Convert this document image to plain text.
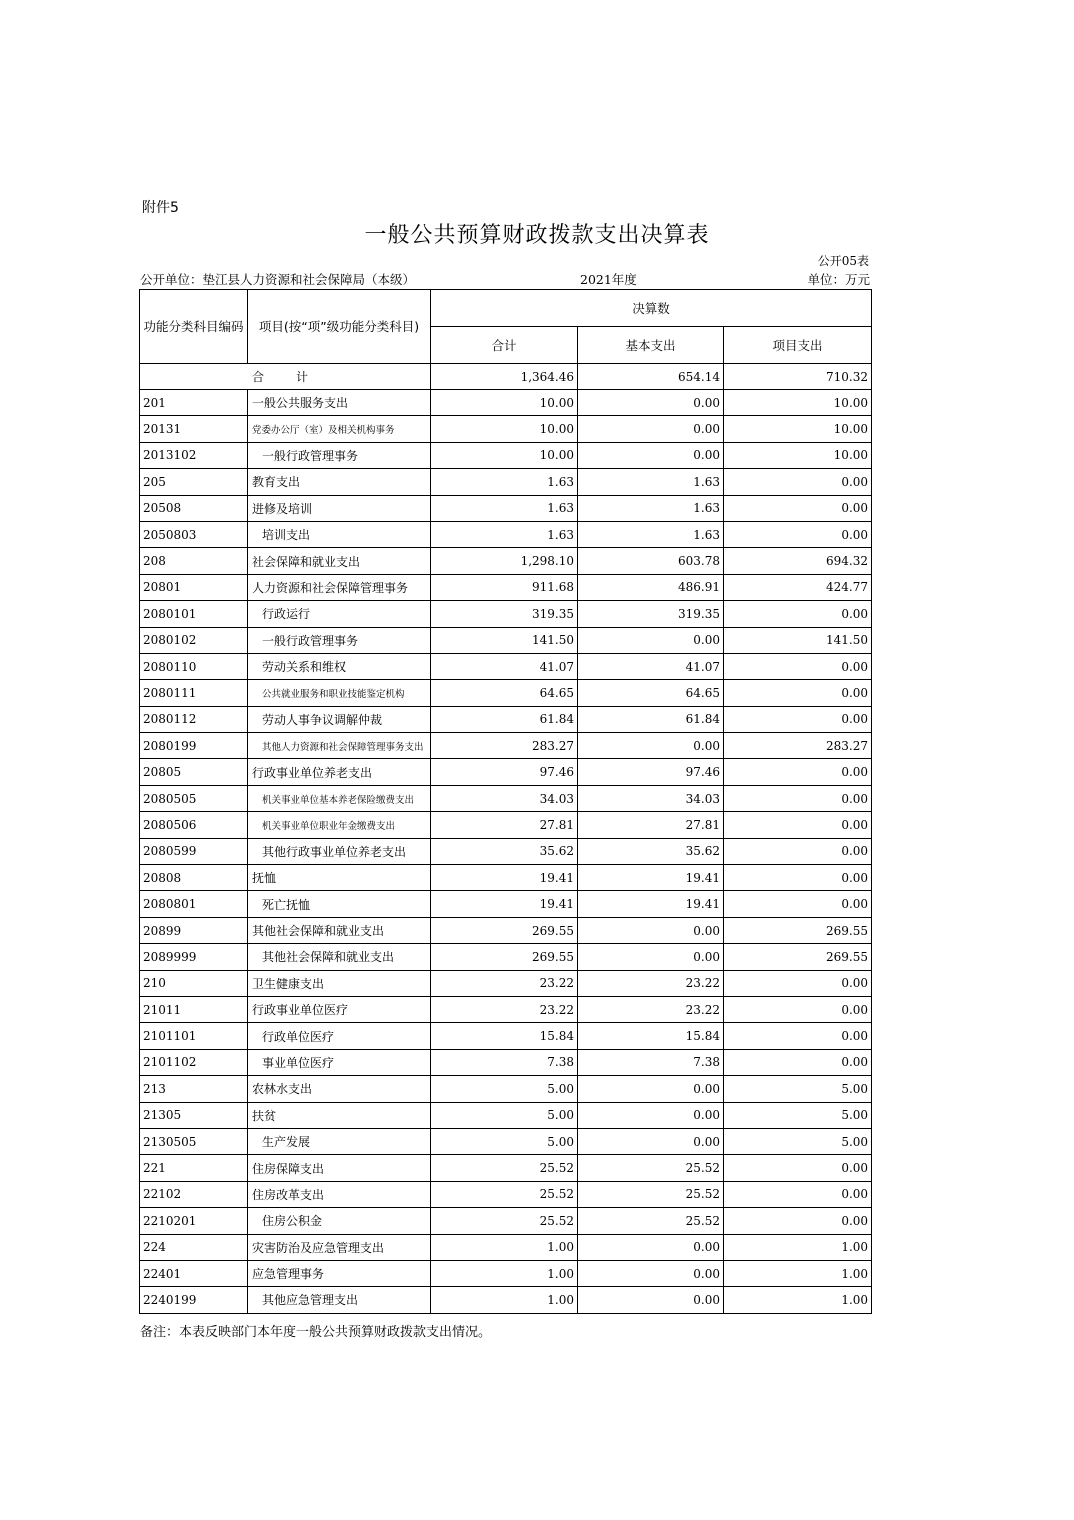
附件5
一般公共预算财政拨款支出决算表
公开05表
公开单位：垫江县人力资源和社会保障局（本级）	2021年度	单位：万元
功能分类科目编码	项目(按“项”级功能分类科目)	决算数		
		合计	基本支出	项目支出
合　计		1,364.46	654.14	710.32
201	一般公共服务支出	10.00	0.00	10.00
20131	党委办公厅（室）及相关机构事务	10.00	0.00	10.00
2013102	一般行政管理事务	10.00	0.00	10.00
205	教育支出	1.63	1.63	0.00
20508	进修及培训	1.63	1.63	0.00
2050803	培训支出	1.63	1.63	0.00
208	社会保障和就业支出	1,298.10	603.78	694.32
20801	人力资源和社会保障管理事务	911.68	486.91	424.77
2080101	行政运行	319.35	319.35	0.00
2080102	一般行政管理事务	141.50	0.00	141.50
2080110	劳动关系和维权	41.07	41.07	0.00
2080111	公共就业服务和职业技能鉴定机构	64.65	64.65	0.00
2080112	劳动人事争议调解仲裁	61.84	61.84	0.00
2080199	其他人力资源和社会保障管理事务支出	283.27	0.00	283.27
20805	行政事业单位养老支出	97.46	97.46	0.00
2080505	机关事业单位基本养老保险缴费支出	34.03	34.03	0.00
2080506	机关事业单位职业年金缴费支出	27.81	27.81	0.00
2080599	其他行政事业单位养老支出	35.62	35.62	0.00
20808	抚恤	19.41	19.41	0.00
2080801	死亡抚恤	19.41	19.41	0.00
20899	其他社会保障和就业支出	269.55	0.00	269.55
2089999	其他社会保障和就业支出	269.55	0.00	269.55
210	卫生健康支出	23.22	23.22	0.00
21011	行政事业单位医疗	23.22	23.22	0.00
2101101	行政单位医疗	15.84	15.84	0.00
2101102	事业单位医疗	7.38	7.38	0.00
213	农林水支出	5.00	0.00	5.00
21305	扶贫	5.00	0.00	5.00
2130505	生产发展	5.00	0.00	5.00
221	住房保障支出	25.52	25.52	0.00
22102	住房改革支出	25.52	25.52	0.00
2210201	住房公积金	25.52	25.52	0.00
224	灾害防治及应急管理支出	1.00	0.00	1.00
22401	应急管理事务	1.00	0.00	1.00
2240199	其他应急管理支出	1.00	0.00	1.00
备注：本表反映部门本年度一般公共预算财政拨款支出情况。
